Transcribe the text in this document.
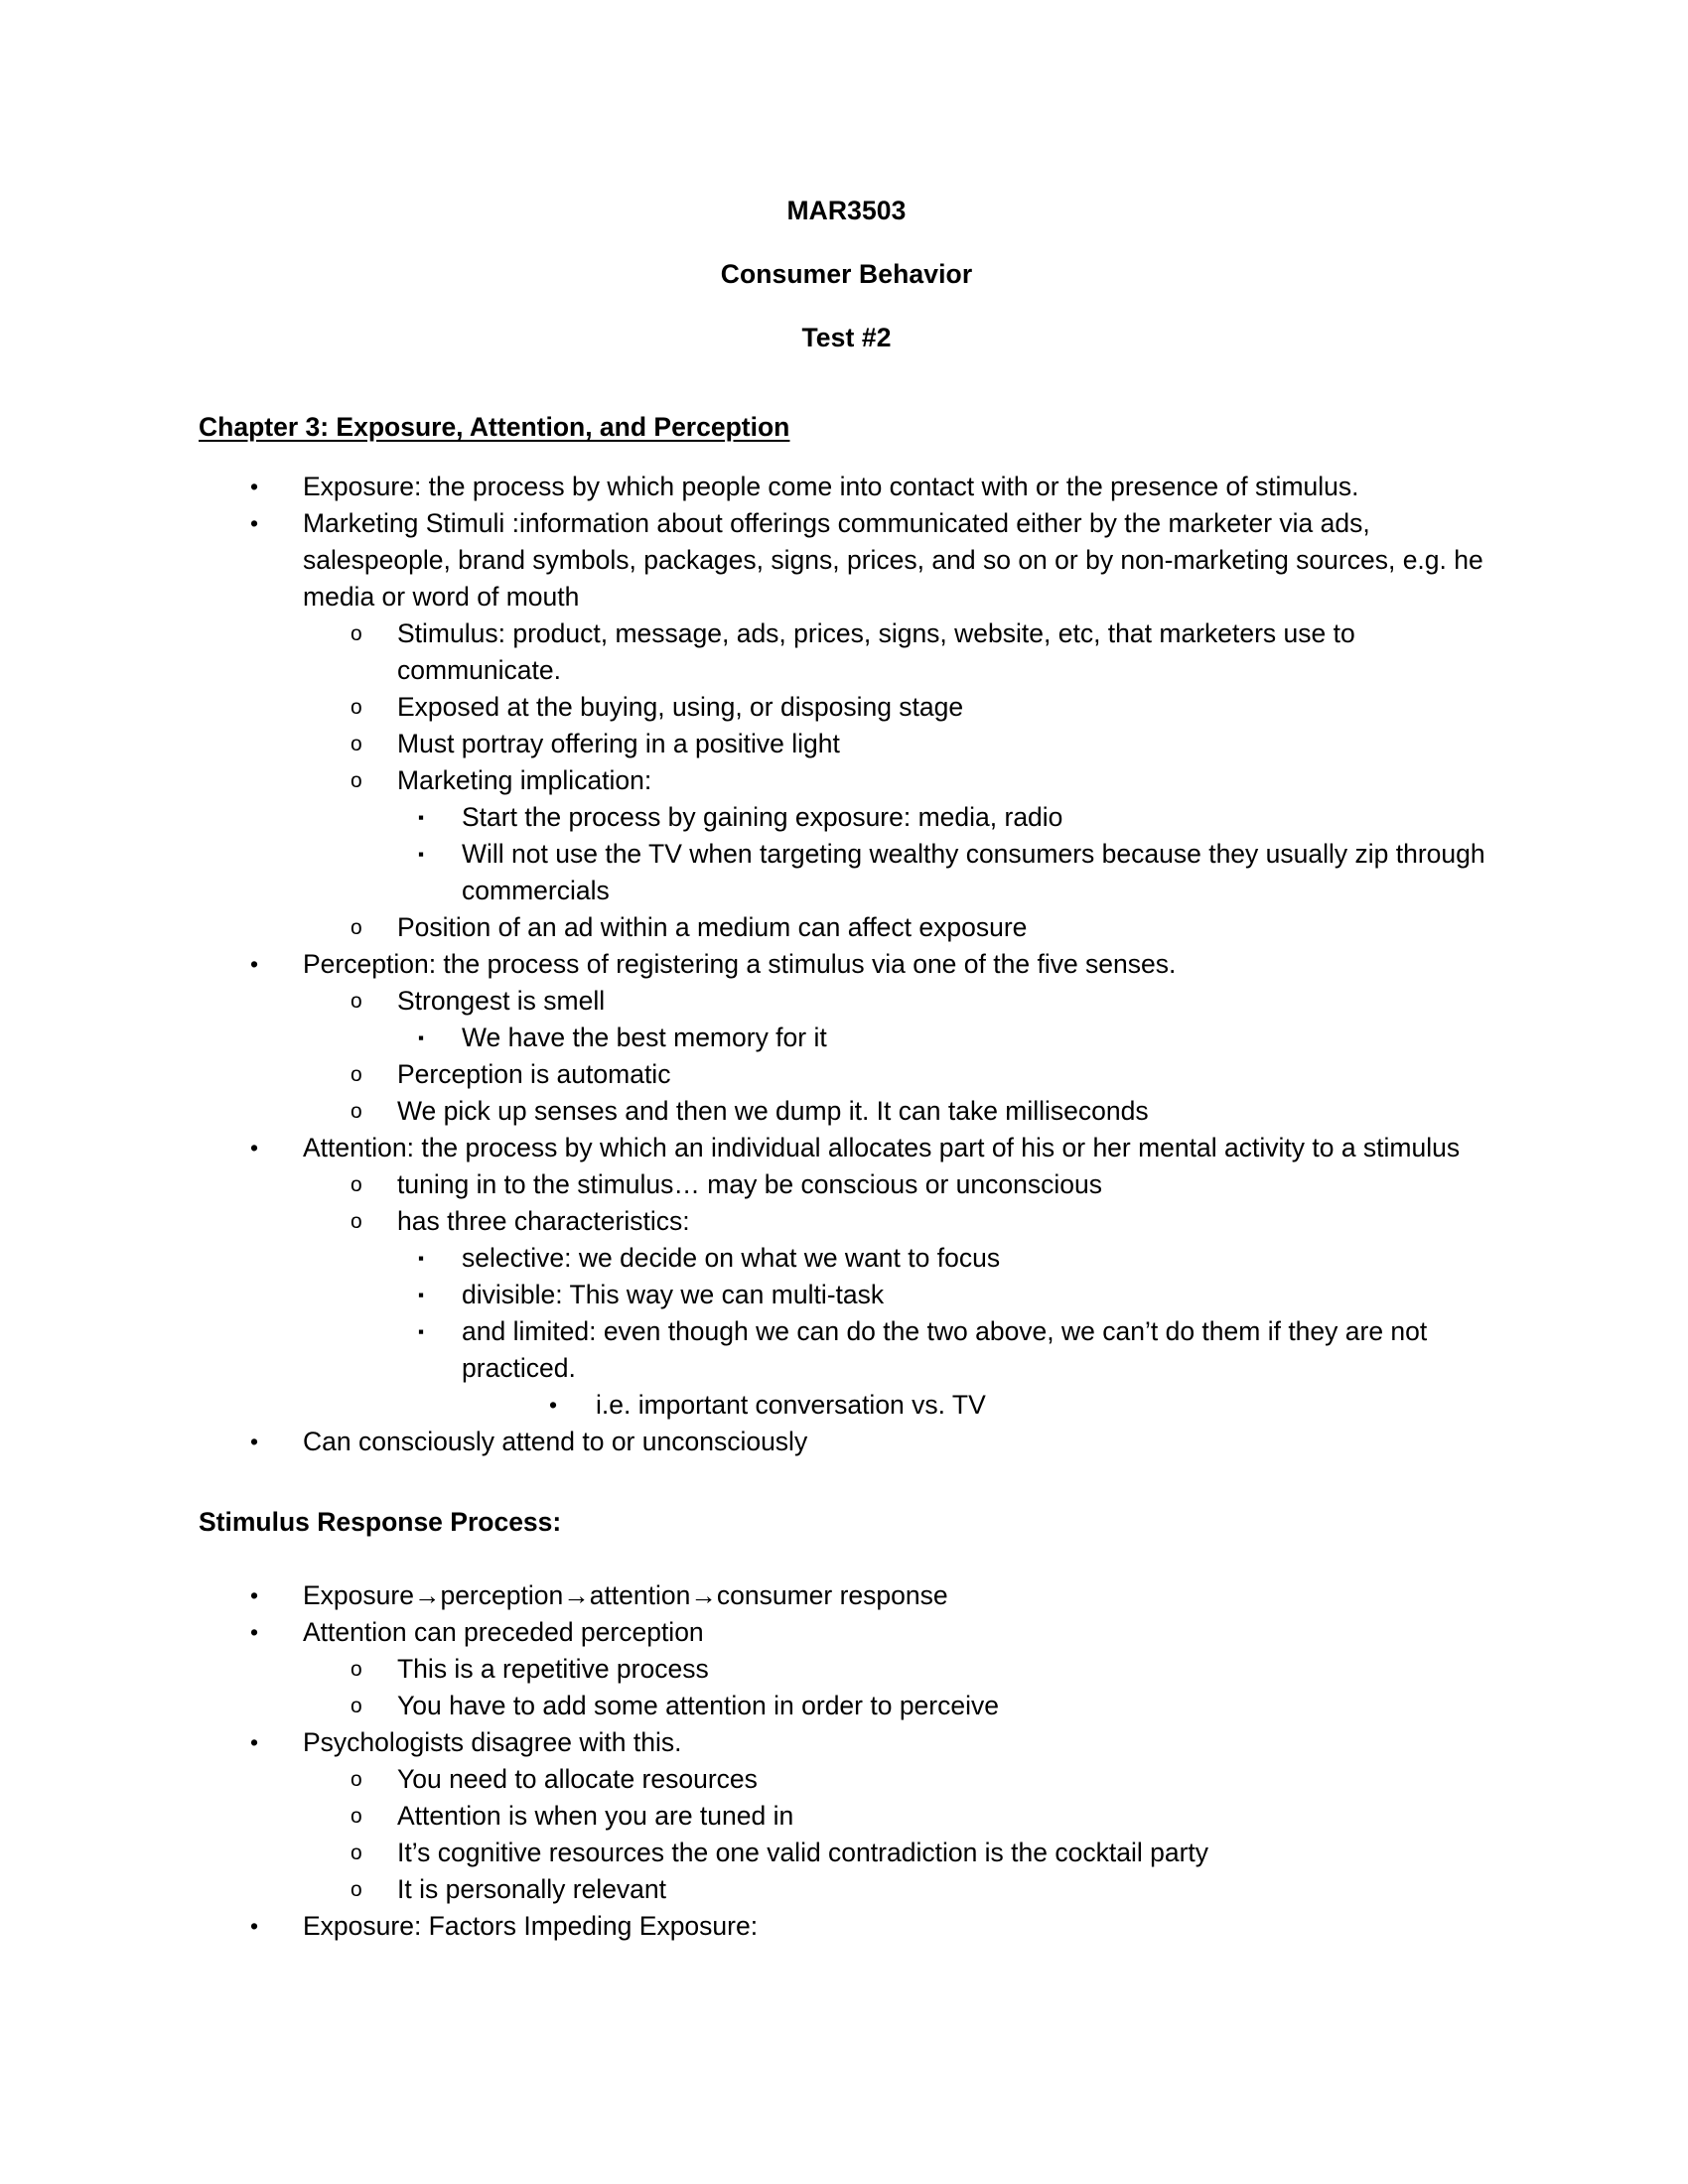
MAR3503
Consumer Behavior
Test #2
Chapter 3: Exposure, Attention, and Perception
• Exposure: the process by which people come into contact with or the presence of stimulus.
• Marketing Stimuli :information about offerings communicated either by the marketer via ads, salespeople, brand symbols, packages, signs, prices, and so on or by non-marketing sources, e.g. he media or word of mouth
o Stimulus: product, message, ads, prices, signs, website, etc, that marketers use to communicate.
o Exposed at the buying, using, or disposing stage
o Must portray offering in a positive light
o Marketing implication:
▪ Start the process by gaining exposure: media, radio
▪ Will not use the TV when targeting wealthy consumers because they usually zip through commercials
o Position of an ad within a medium can affect exposure
• Perception: the process of registering a stimulus via one of the five senses.
o Strongest is smell
▪ We have the best memory for it
o Perception is automatic
o We pick up senses and then we dump it. It can take milliseconds
• Attention: the process by which an individual allocates part of his or her mental activity to a stimulus
o tuning in to the stimulus… may be conscious or unconscious
o has three characteristics:
▪ selective: we decide on what we want to focus
▪ divisible: This way we can multi-task
▪ and limited: even though we can do the two above, we can’t do them if they are not practiced.
• i.e. important conversation vs. TV
• Can consciously attend to or unconsciously
Stimulus Response Process:
• Exposure→perception→attention→consumer response
• Attention can preceded perception
o This is a repetitive process
o You have to add some attention in order to perceive
• Psychologists disagree with this.
o You need to allocate resources
o Attention is when you are tuned in
o It’s cognitive resources the one valid contradiction is the cocktail party
o It is personally relevant
• Exposure: Factors Impeding Exposure:
